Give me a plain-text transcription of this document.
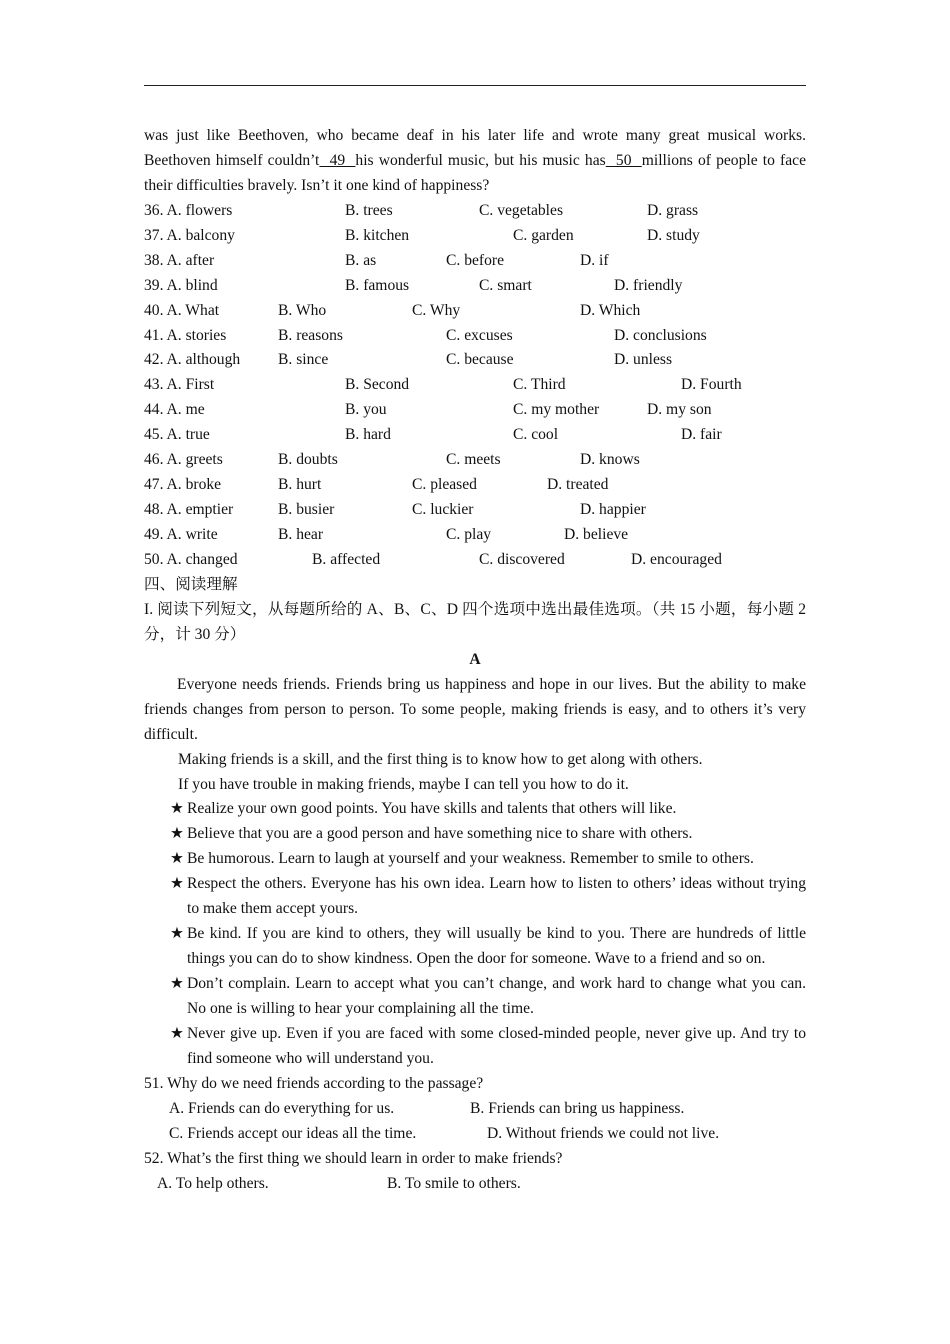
was just like Beethoven, who became deaf in his later life and wrote many great musical works. Beethoven himself couldn’t  49  his wonderful music, but his music has  50  millions of people to face their difficulties bravely. Isn’t it one kind of happiness?
36. A. flowers	B. trees	C. vegetables	D. grass
37. A. balcony	B. kitchen	C. garden	D. study
38. A. after	B. as	C. before	D. if
39. A. blind	B. famous	C. smart	D. friendly
40. A. What	B. Who	C. Why	D. Which
41. A. stories	B. reasons	C. excuses	D. conclusions
42. A. although B. since	C. because	D. unless
43. A. First	B. Second	C. Third	D. Fourth
44. A. me	B. you	C. my mother	D. my son
45. A. true	B. hard	C. cool	D. fair
46. A. greets	B. doubts	C. meets	D. knows
47. A. broke	B. hurt	C. pleased	D. treated
48. A. emptier	B. busier	C. luckier	D. happier
49. A. write	B. hear	C. play	D. believe
50. A. changed	B. affected	C. discovered	D. encouraged
四、阅读理解
I. 阅读下列短文，从每题所给的 A、B、C、D 四个选项中选出最佳选项。（共 15 小题，每小题 2 分，计 30 分）
A
Everyone needs friends. Friends bring us happiness and hope in our lives. But the ability to make friends changes from person to person. To some people, making friends is easy, and to others it’s very difficult.
Making friends is a skill, and the first thing is to know how to get along with others.
If you have trouble in making friends, maybe I can tell you how to do it.
★ Realize your own good points. You have skills and talents that others will like.
★ Believe that you are a good person and have something nice to share with others.
★ Be humorous. Learn to laugh at yourself and your weakness. Remember to smile to others.
★ Respect the others. Everyone has his own idea. Learn how to listen to others’ ideas without trying to make them accept yours.
★ Be kind. If you are kind to others, they will usually be kind to you. There are hundreds of little things you can do to show kindness. Open the door for someone. Wave to a friend and so on.
★ Don’t complain. Learn to accept what you can’t change, and work hard to change what you can. No one is willing to hear your complaining all the time.
★ Never give up. Even if you are faced with some closed-minded people, never give up. And try to find someone who will understand you.
51. Why do we need friends according to the passage?
A. Friends can do everything for us.	B. Friends can bring us happiness.
C. Friends accept our ideas all the time.	D. Without friends we could not live.
52. What’s the first thing we should learn in order to make friends?
A. To help others.	B. To smile to others.
